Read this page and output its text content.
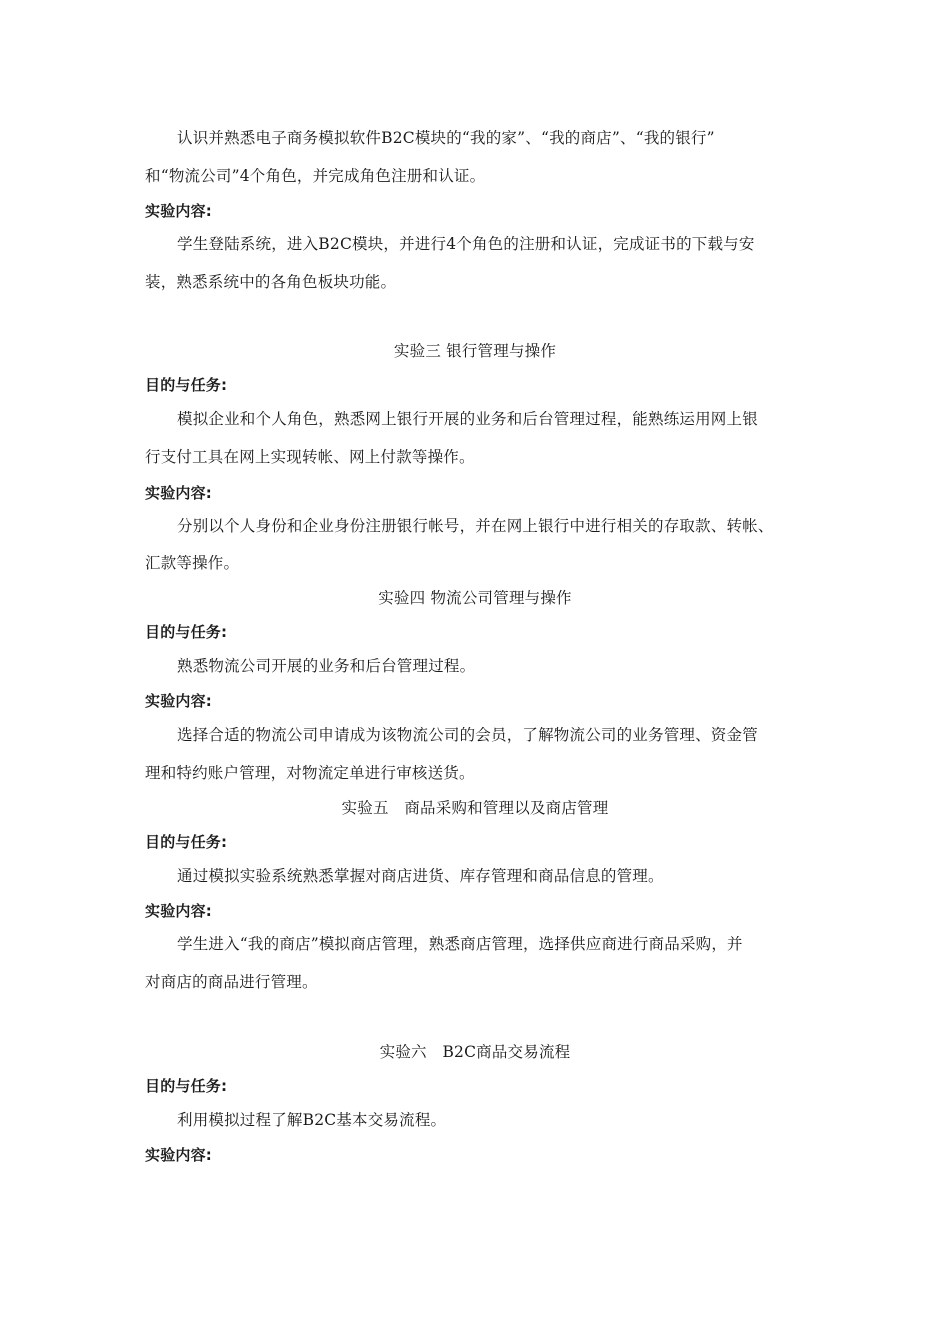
认识并熟悉电子商务模拟软件B2C模块的“我的家”、“我的商店”、“我的银行”
和“物流公司”4个角色，并完成角色注册和认证。
实验内容:
学生登陆系统，进入B2C模块，并进行4个角色的注册和认证，完成证书的下载与安
装，熟悉系统中的各角色板块功能。
实验三 银行管理与操作
目的与任务:
模拟企业和个人角色，熟悉网上银行开展的业务和后台管理过程，能熟练运用网上银
行支付工具在网上实现转帐、网上付款等操作。
实验内容:
分别以个人身份和企业身份注册银行帐号，并在网上银行中进行相关的存取款、转帐、
汇款等操作。
实验四 物流公司管理与操作
目的与任务:
熟悉物流公司开展的业务和后台管理过程。
实验内容:
选择合适的物流公司申请成为该物流公司的会员，了解物流公司的业务管理、资金管
理和特约账户管理，对物流定单进行审核送货。
实验五　商品采购和管理以及商店管理
目的与任务:
通过模拟实验系统熟悉掌握对商店进货、库存管理和商品信息的管理。
实验内容:
学生进入“我的商店”模拟商店管理，熟悉商店管理，选择供应商进行商品采购，并
对商店的商品进行管理。
实验六　B2C商品交易流程
目的与任务:
利用模拟过程了解B2C基本交易流程。
实验内容:
